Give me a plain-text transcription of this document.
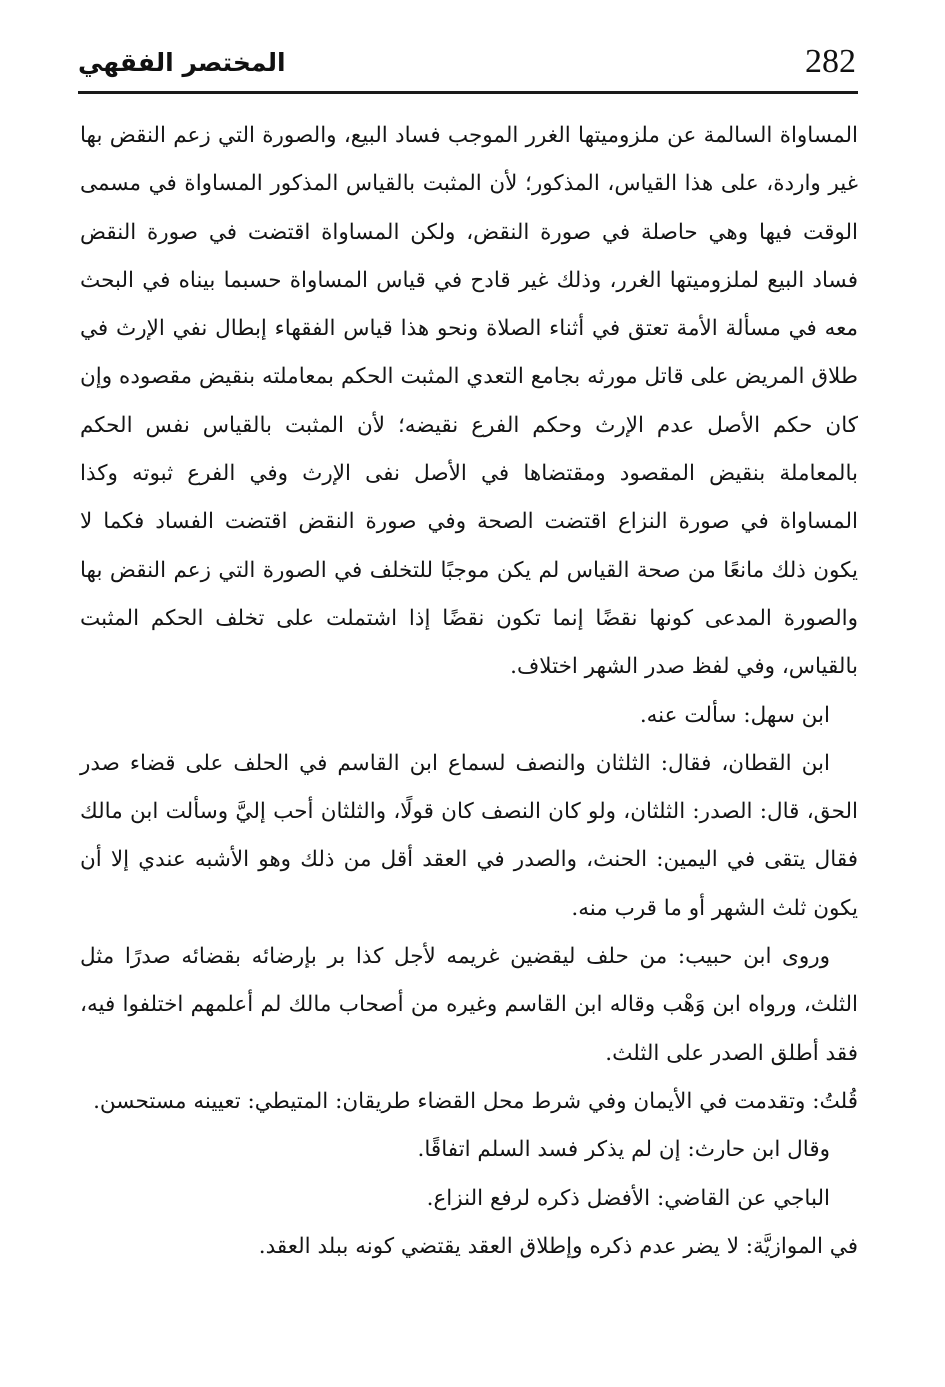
282
المختصر الفقهي

المساواة السالمة عن ملزوميتها الغرر الموجب فساد البيع، والصورة التي زعم النقض بها غير واردة، على هذا القياس، المذكور؛ لأن المثبت بالقياس المذكور المساواة في مسمى الوقت فيها وهي حاصلة في صورة النقض، ولكن المساواة اقتضت في صورة النقض فساد البيع لملزوميتها الغرر، وذلك غير قادح في قياس المساواة حسبما بيناه في البحث معه في مسألة الأمة تعتق في أثناء الصلاة ونحو هذا قياس الفقهاء إبطال نفي الإرث في طلاق المريض على قاتل مورثه بجامع التعدي المثبت الحكم بمعاملته بنقيض مقصوده وإن كان حكم الأصل عدم الإرث وحكم الفرع نقيضه؛ لأن المثبت بالقياس نفس الحكم بالمعاملة بنقيض المقصود ومقتضاها في الأصل نفى الإرث وفي الفرع ثبوته وكذا المساواة في صورة النزاع اقتضت الصحة وفي صورة النقض اقتضت الفساد فكما لا يكون ذلك مانعًا من صحة القياس لم يكن موجبًا للتخلف في الصورة التي زعم النقض بها والصورة المدعى كونها نقضًا إنما تكون نقضًا إذا اشتملت على تخلف الحكم المثبت بالقياس، وفي لفظ صدر الشهر اختلاف.

ابن سهل: سألت عنه.

ابن القطان، فقال: الثلثان والنصف لسماع ابن القاسم في الحلف على قضاء صدر الحق، قال: الصدر: الثلثان، ولو كان النصف كان قولًا، والثلثان أحب إليَّ وسألت ابن مالك فقال يتقى في اليمين: الحنث، والصدر في العقد أقل من ذلك وهو الأشبه عندي إلا أن يكون ثلث الشهر أو ما قرب منه.

وروى ابن حبيب: من حلف ليقضين غريمه لأجل كذا بر بإرضائه بقضائه صدرًا مثل الثلث، ورواه ابن وَهْب وقاله ابن القاسم وغيره من أصحاب مالك لم أعلمهم اختلفوا فيه، فقد أطلق الصدر على الثلث.

قُلتُ: وتقدمت في الأيمان وفي شرط محل القضاء طريقان: المتيطي: تعيينه مستحسن.

وقال ابن حارث: إن لم يذكر فسد السلم اتفاقًا.

الباجي عن القاضي: الأفضل ذكره لرفع النزاع.

في الموازيَّة: لا يضر عدم ذكره وإطلاق العقد يقتضي كونه ببلد العقد.
